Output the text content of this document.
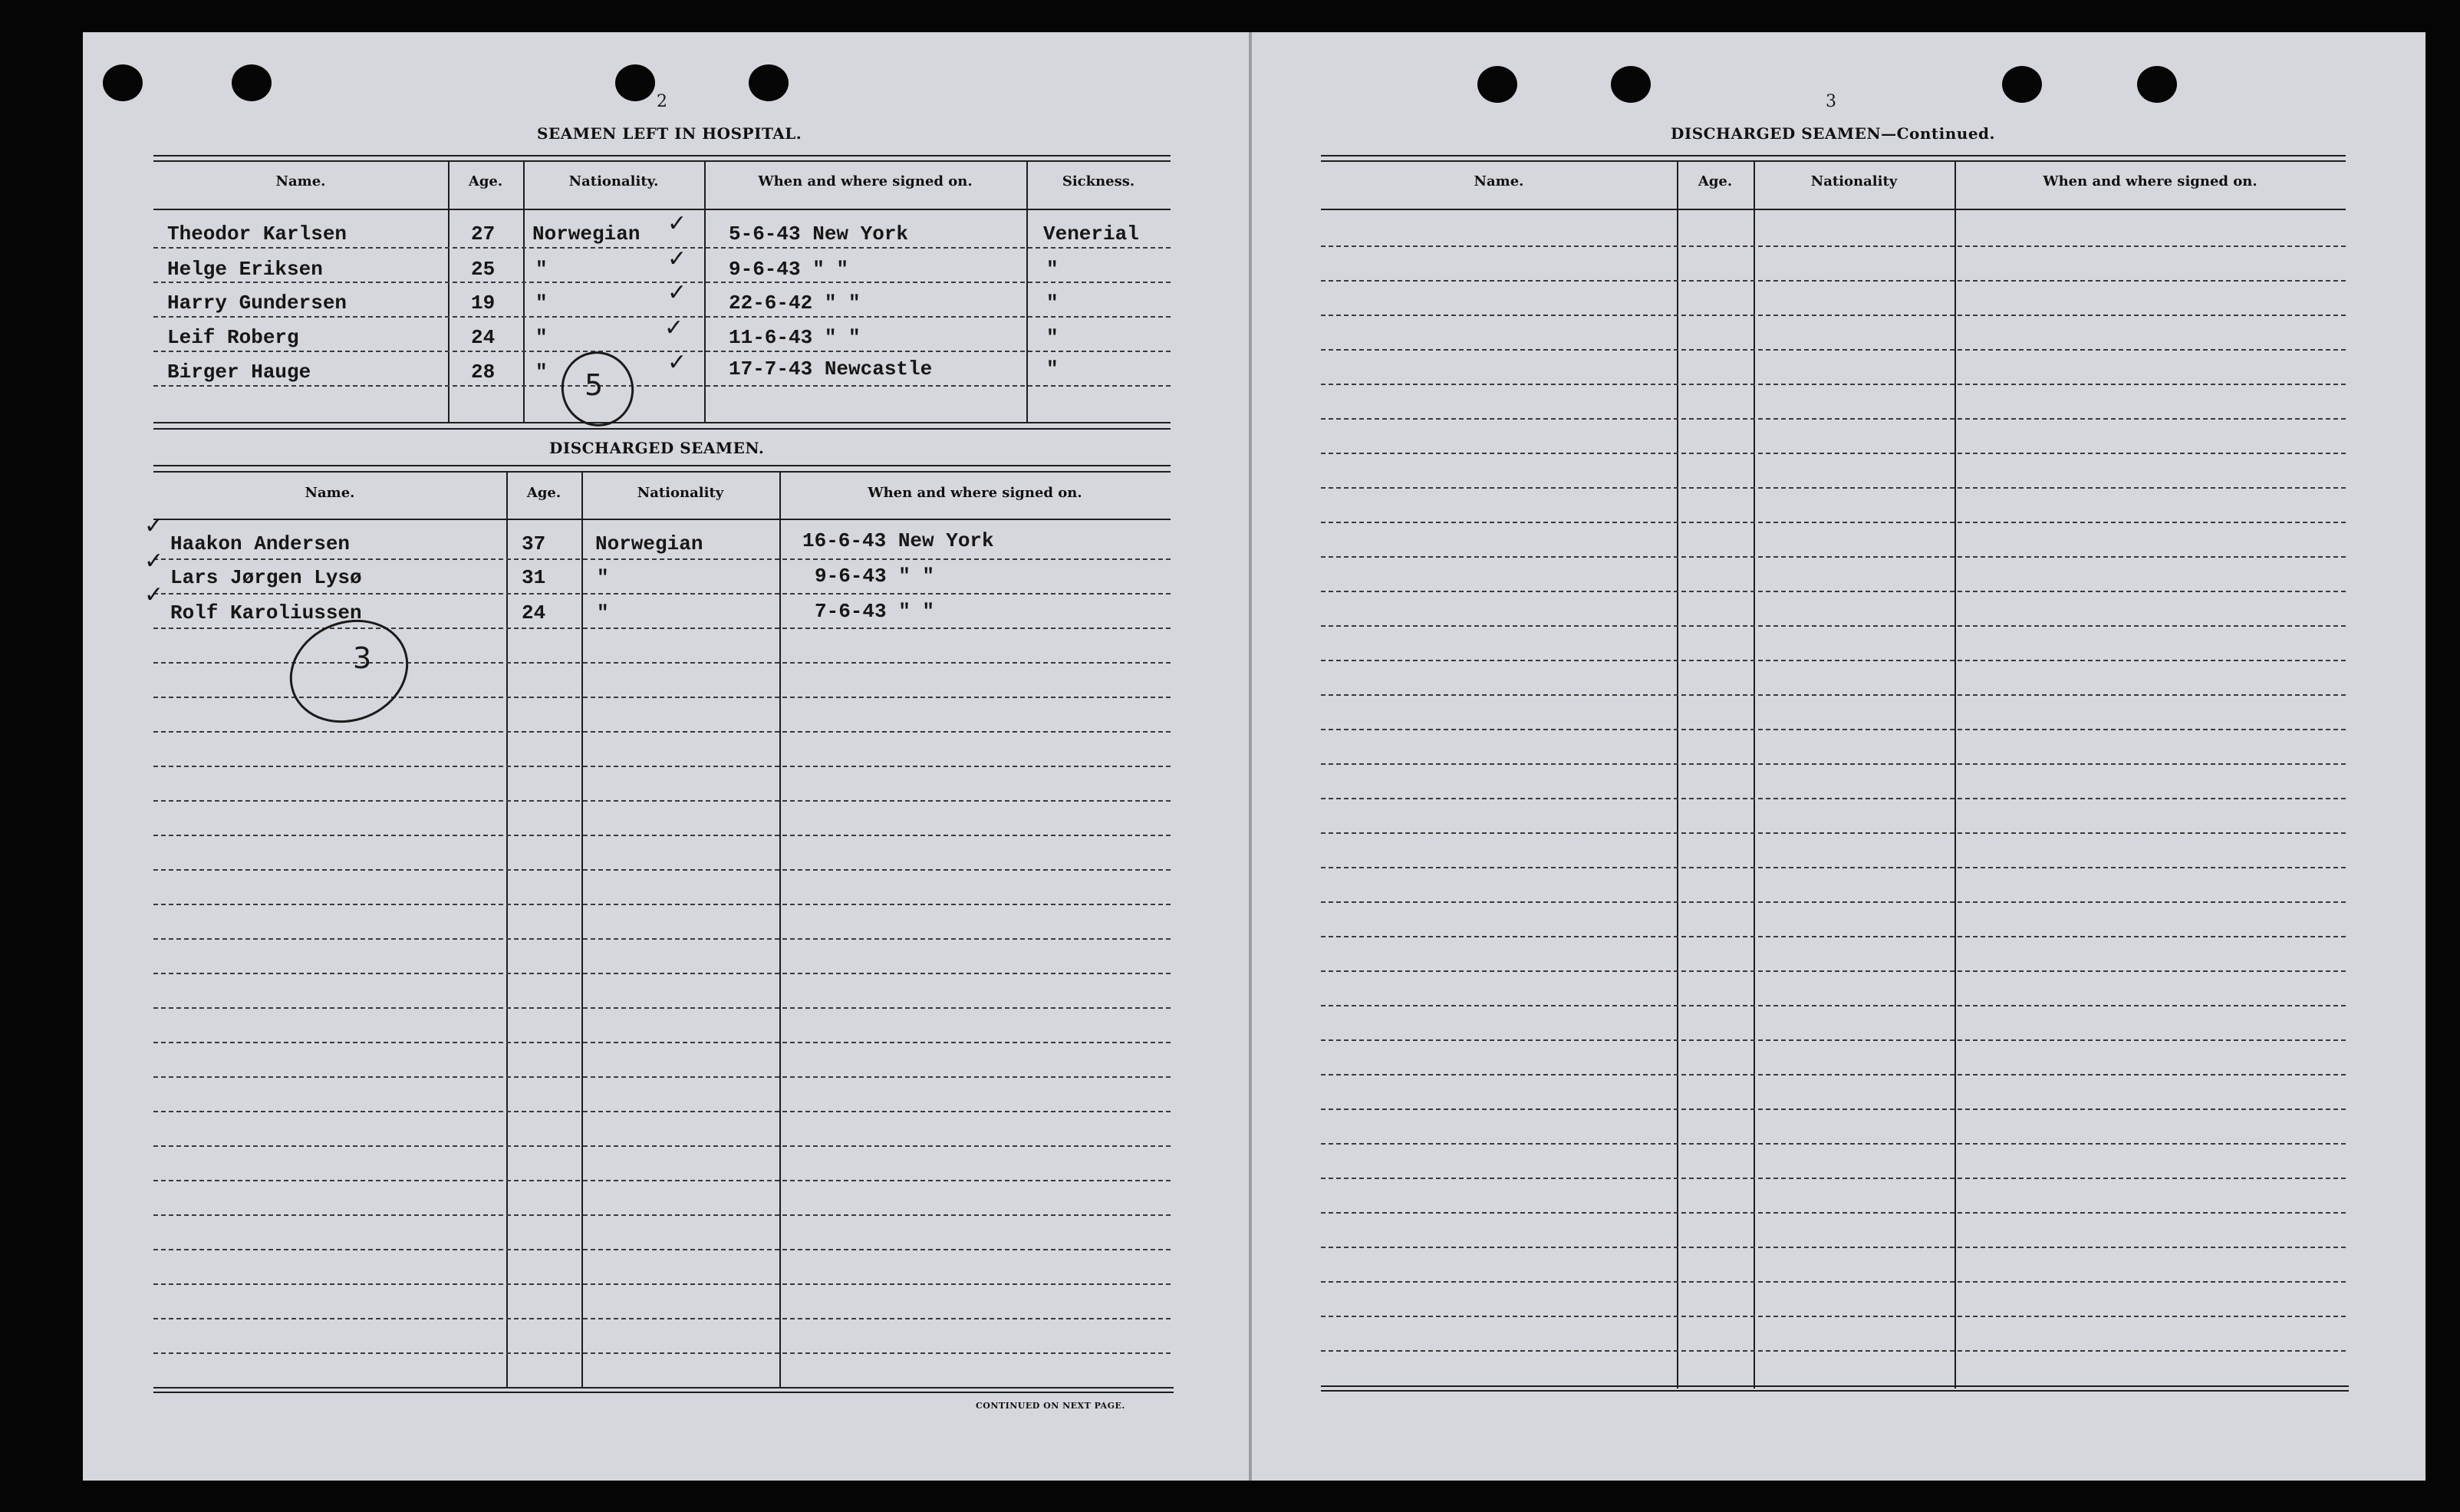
2
SEAMEN LEFT IN HOSPITAL.
Name.	Age.	Nationality.	When and where signed on.	Sickness.
Theodor Karlsen	27 Norwegian ✓ 5-6-43 New York	Venerial
Helge Eriksen	25 "	✓ 9-6-43 " "	"
Harry Gundersen	19 "	✓ 22-6-42 " "	"
Leif Roberg	24 "	✓ 11-6-43 " "	"
Birger Hauge	28 "	✓ 17-7-43 Newcastle	"
5
DISCHARGED SEAMEN.
Name.	Age.	Nationality	When and where signed on.
✓
Haakon Andersen	37 Norwegian	16-6-43 New York
✓
Lars Jørgen Lysø	31	"	9-6-43 " "
✓
Rolf Karoliussen	24	"	7-6-43 " "
3
CONTINUED ON NEXT PAGE.
3
DISCHARGED SEAMEN—Continued.
Name.	Age.	Nationality	When and where signed on.
